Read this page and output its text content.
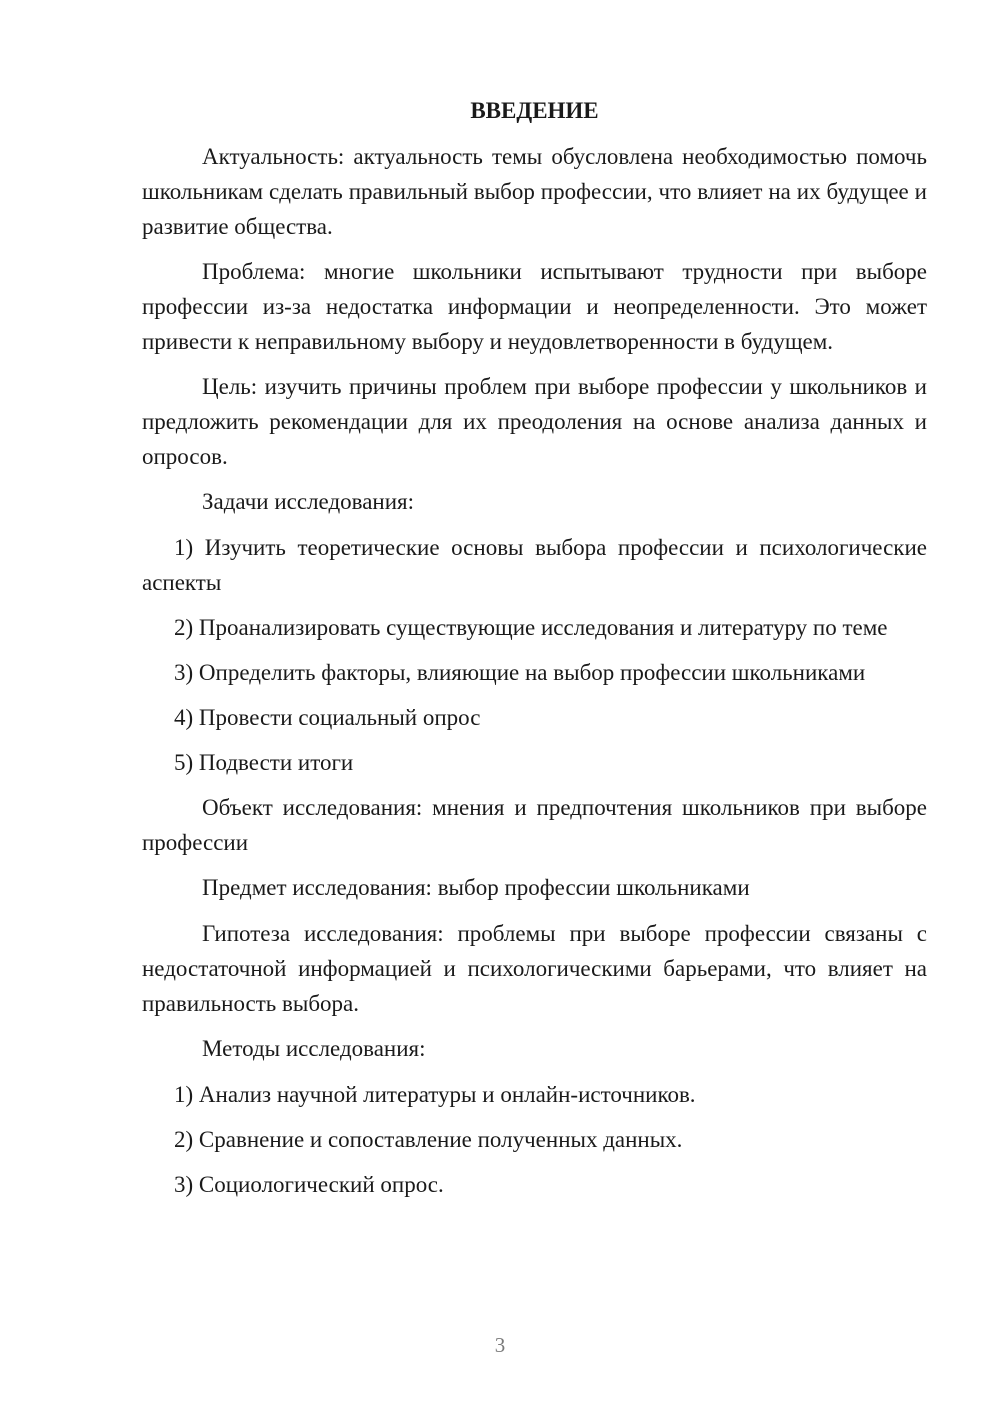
ВВЕДЕНИЕ

Актуальность: актуальность темы обусловлена необходимостью помочь школьникам сделать правильный выбор профессии, что влияет на их будущее и развитие общества.

Проблема: многие школьники испытывают трудности при выборе профессии из-за недостатка информации и неопределенности. Это может привести к неправильному выбору и неудовлетворенности в будущем.

Цель: изучить причины проблем при выборе профессии у школьников и предложить рекомендации для их преодоления на основе анализа данных и опросов.

Задачи исследования:

1) Изучить теоретические основы выбора профессии и психологические аспекты

2) Проанализировать существующие исследования и литературу по теме

3) Определить факторы, влияющие на выбор профессии школьниками

4) Провести социальный опрос

5) Подвести итоги

Объект исследования: мнения и предпочтения школьников при выборе профессии

Предмет исследования: выбор профессии школьниками

Гипотеза исследования: проблемы при выборе профессии связаны с недостаточной информацией и психологическими барьерами, что влияет на правильность выбора.

Методы исследования:

1) Анализ научной литературы и онлайн-источников.

2) Сравнение и сопоставление полученных данных.

3) Социологический опрос.

3
